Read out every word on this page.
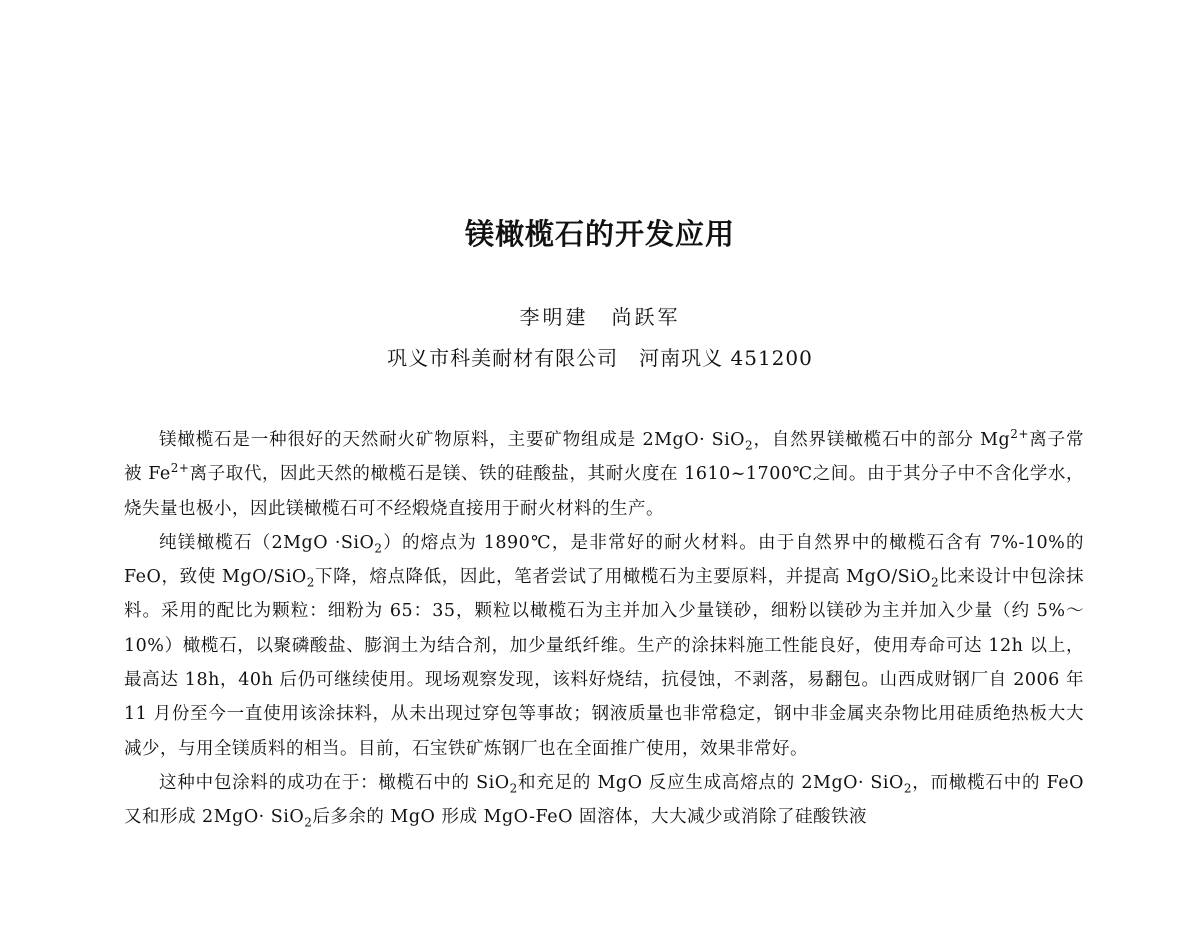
镁橄榄石的开发应用
李明建　尚跃军
巩义市科美耐材有限公司　河南巩义 451200

镁橄榄石是一种很好的天然耐火矿物原料，主要矿物组成是 2MgO· SiO$_2$，自然界镁橄榄石中的部分 $Mg^{2+}$离子常被 $Fe^{2+}$离子取代，因此天然的橄榄石是镁、铁的硅酸盐，其耐火度在 1610~1700℃之间。由于其分子中不含化学水，烧失量也极小，因此镁橄榄石可不经煅烧直接用于耐火材料的生产。

纯镁橄榄石（2MgO ·SiO$_2$）的熔点为 1890℃，是非常好的耐火材料。由于自然界中的橄榄石含有 7%-10%的 FeO，致使 MgO/SiO$_2$下降，熔点降低，因此，笔者尝试了用橄榄石为主要原料，并提高 MgO/SiO$_2$比来设计中包涂抹料。采用的配比为颗粒：细粉为 65：35，颗粒以橄榄石为主并加入少量镁砂，细粉以镁砂为主并加入少量（约 5%～10%）橄榄石，以聚磷酸盐、膨润土为结合剂，加少量纸纤维。生产的涂抹料施工性能良好，使用寿命可达 12h 以上，最高达 18h，40h 后仍可继续使用。现场观察发现，该料好烧结，抗侵蚀，不剥落，易翻包。山西成财钢厂自 2006 年 11 月份至今一直使用该涂抹料，从未出现过穿包等事故；钢液质量也非常稳定，钢中非金属夹杂物比用硅质绝热板大大减少，与用全镁质料的相当。目前，石宝铁矿炼钢厂也在全面推广使用，效果非常好。

这种中包涂料的成功在于：橄榄石中的 SiO$_2$和充足的 MgO 反应生成高熔点的 2MgO· SiO$_2$，而橄榄石中的 FeO 又和形成 2MgO· SiO$_2$后多余的 MgO 形成 MgO-FeO 固溶体，大大减少或消除了硅酸铁液
